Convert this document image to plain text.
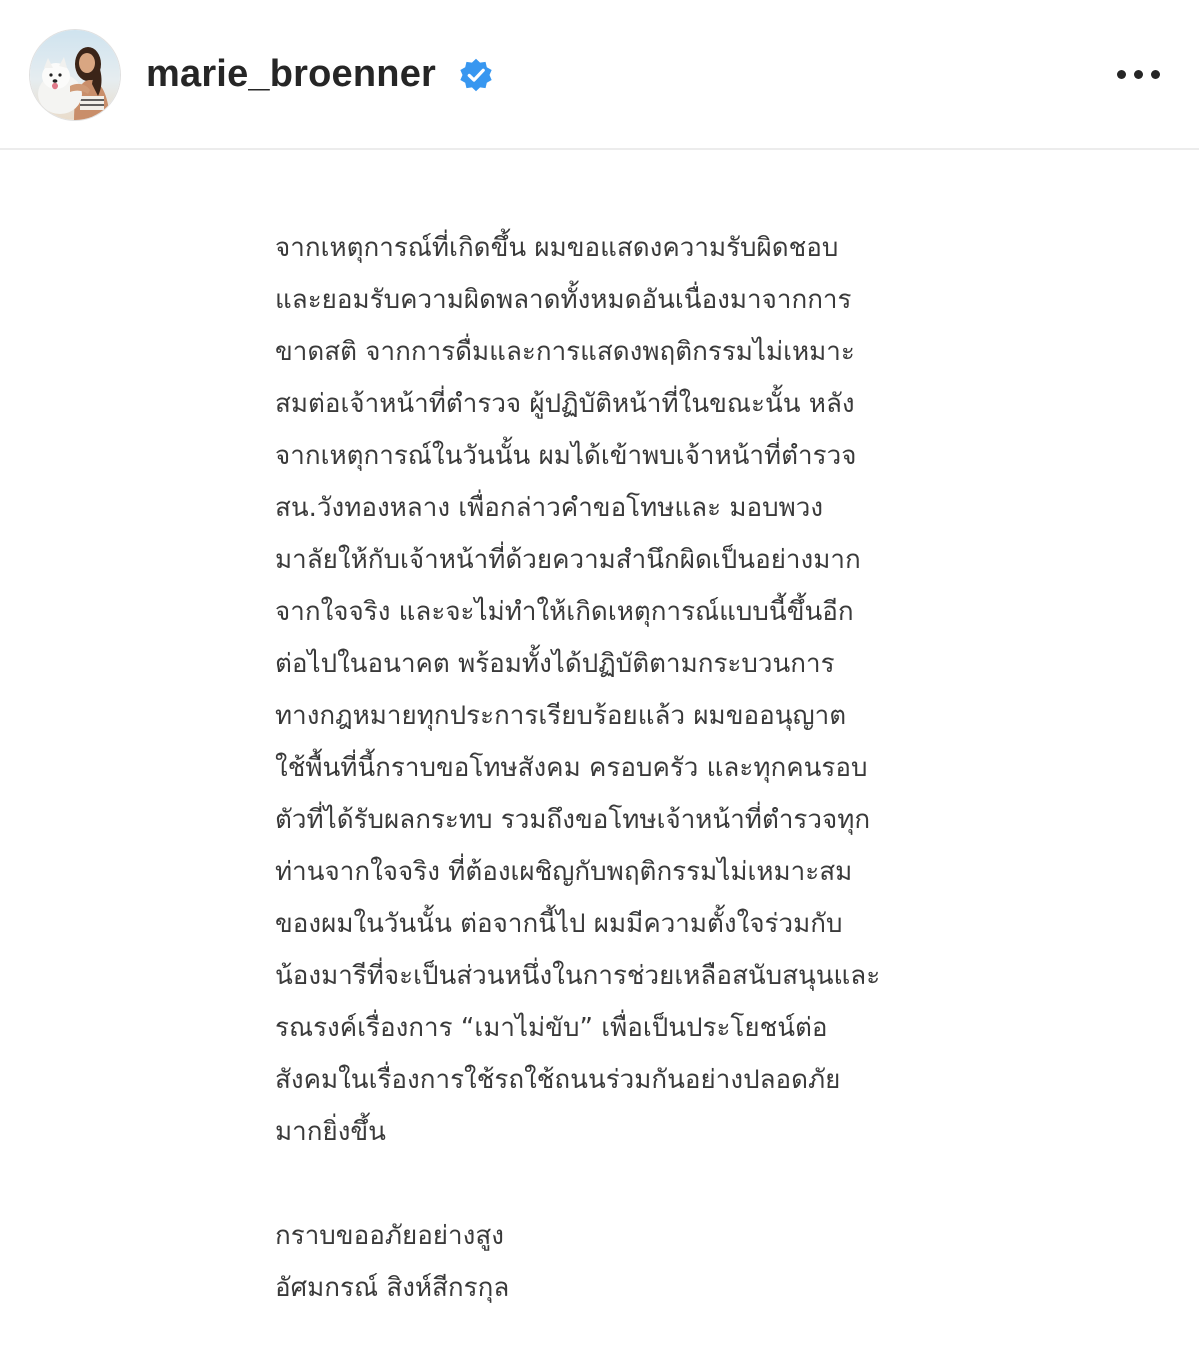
marie_broenner
จากเหตุการณ์ที่เกิดขึ้น ผมขอแสดงความรับผิดชอบ
และยอมรับความผิดพลาดทั้งหมดอันเนื่องมาจากการ
ขาดสติ จากการดื่มและการแสดงพฤติกรรมไม่เหมาะ
สมต่อเจ้าหน้าที่ตำรวจ ผู้ปฏิบัติหน้าที่ในขณะนั้น หลัง
จากเหตุการณ์ในวันนั้น ผมได้เข้าพบเจ้าหน้าที่ตำรวจ
สน.วังทองหลาง เพื่อกล่าวคำขอโทษและ มอบพวง
มาลัยให้กับเจ้าหน้าที่ด้วยความสำนึกผิดเป็นอย่างมาก
จากใจจริง และจะไม่ทำให้เกิดเหตุการณ์แบบนี้ขึ้นอีก
ต่อไปในอนาคต พร้อมทั้งได้ปฏิบัติตามกระบวนการ
ทางกฎหมายทุกประการเรียบร้อยแล้ว ผมขออนุญาต
ใช้พื้นที่นี้กราบขอโทษสังคม ครอบครัว และทุกคนรอบ
ตัวที่ได้รับผลกระทบ รวมถึงขอโทษเจ้าหน้าที่ตำรวจทุก
ท่านจากใจจริง ที่ต้องเผชิญกับพฤติกรรมไม่เหมาะสม
ของผมในวันนั้น ต่อจากนี้ไป ผมมีความตั้งใจร่วมกับ
น้องมารีที่จะเป็นส่วนหนึ่งในการช่วยเหลือสนับสนุนและ
รณรงค์เรื่องการ “เมาไม่ขับ” เพื่อเป็นประโยชน์ต่อ
สังคมในเรื่องการใช้รถใช้ถนนร่วมกันอย่างปลอดภัย
มากยิ่งขึ้น
กราบขออภัยอย่างสูง
อัศมกรณ์ สิงห์สีกรกุล
